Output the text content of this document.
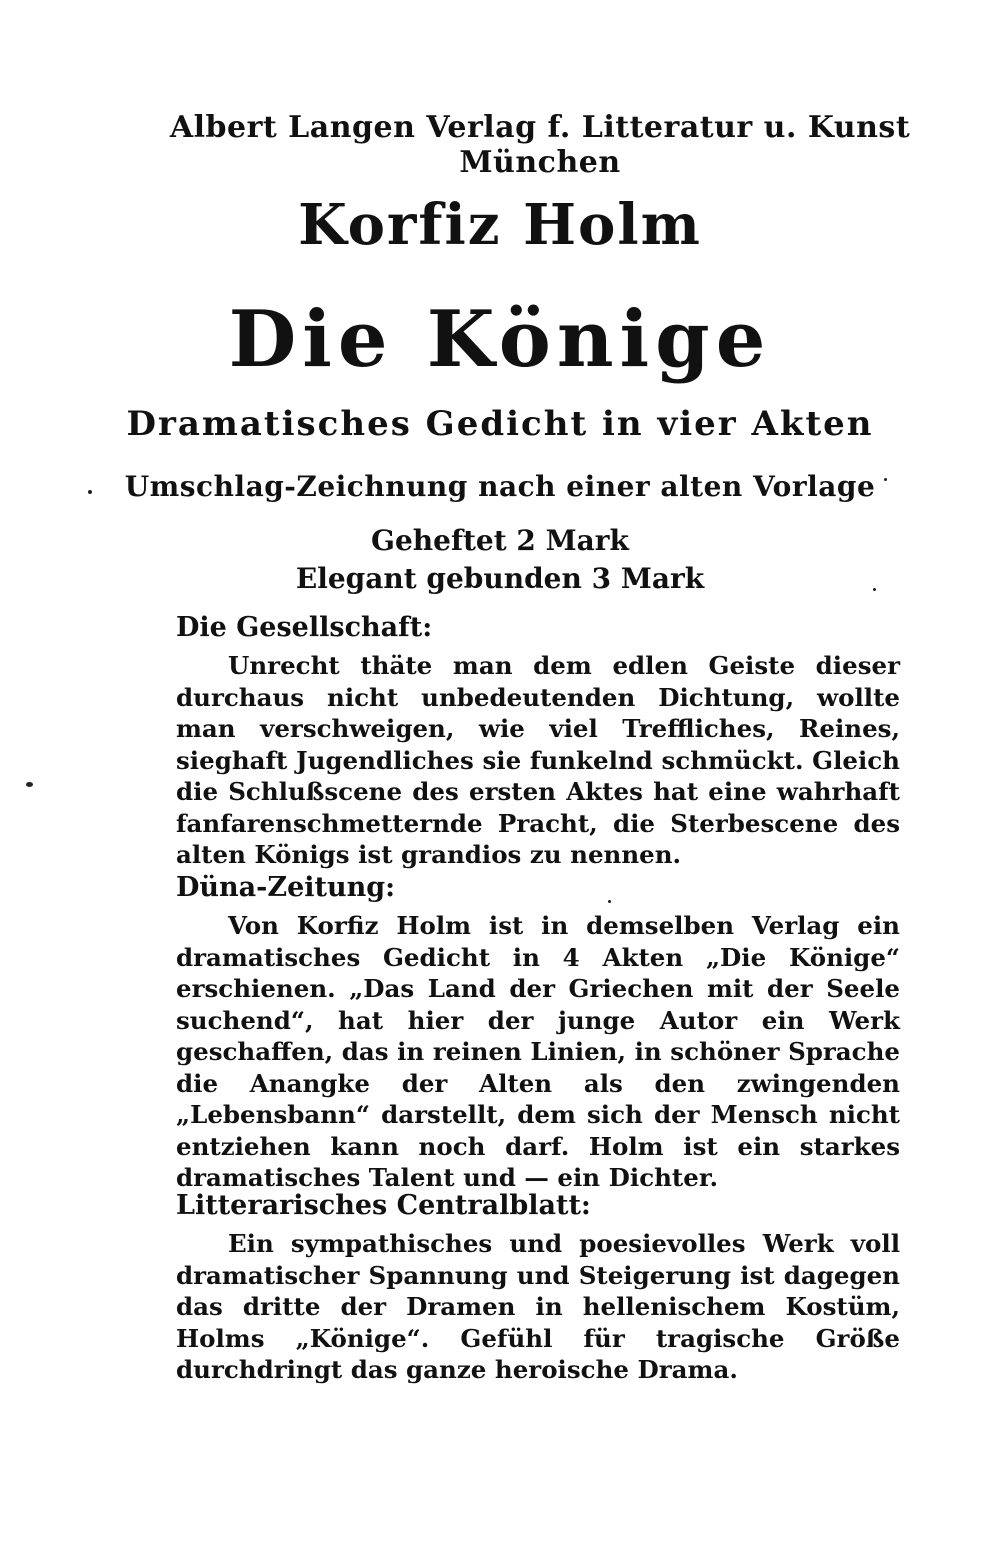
Albert Langen Verlag f. Litteratur u. Kunst München
Korfiz Holm
Die Könige
Dramatisches Gedicht in vier Akten
Umschlag-Zeichnung nach einer alten Vorlage
Geheftet 2 Mark
Elegant gebunden 3 Mark
Die Gesellschaft:
Unrecht thäte man dem edlen Geiste dieser durchaus nicht unbedeutenden Dichtung, wollte man verschweigen, wie viel Treffliches, Reines, sieghaft Jugendliches sie funkelnd schmückt. Gleich die Schlußscene des ersten Aktes hat eine wahrhaft fanfarenschmetternde Pracht, die Sterbescene des alten Königs ist grandios zu nennen.
Düna-Zeitung:
Von Korfiz Holm ist in demselben Verlag ein dramatisches Gedicht in 4 Akten „Die Könige“ erschienen. „Das Land der Griechen mit der Seele suchend“, hat hier der junge Autor ein Werk geschaffen, das in reinen Linien, in schöner Sprache die Anangke der Alten als den zwingenden „Lebensbann“ darstellt, dem sich der Mensch nicht entziehen kann noch darf. Holm ist ein starkes dramatisches Talent und — ein Dichter.
Litterarisches Centralblatt:
Ein sympathisches und poesievolles Werk voll dramatischer Spannung und Steigerung ist dagegen das dritte der Dramen in hellenischem Kostüm, Holms „Könige“. Gefühl für tragische Größe durchdringt das ganze heroische Drama.
